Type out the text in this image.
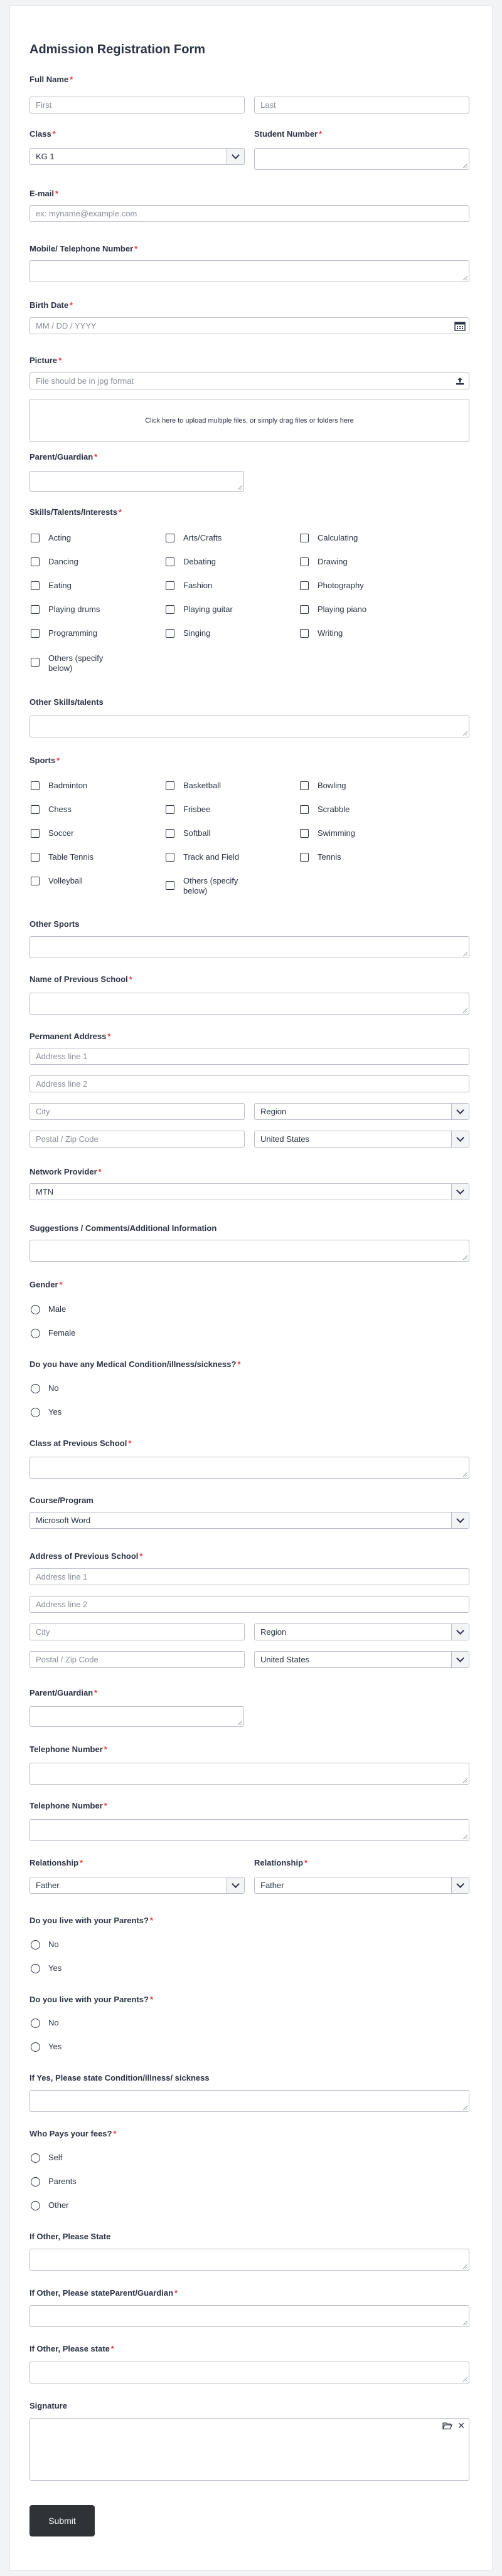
Admission Registration Form
Full Name *
First	Last
Class *	Student Number *
KG 1
E-mail *
ex: myname@example.com
Mobile/ Telephone Number *
Birth Date *
MM / DD / YYYY
Picture *
File should be in jpg format
Click here to upload multiple files, or simply drag files or folders here
Parent/Guardian *
Skills/Talents/Interests *
Acting	Arts/Crafts	Calculating
Dancing	Debating	Drawing
Eating	Fashion	Photography
Playing drums	Playing guitar	Playing piano
Programming	Singing	Writing
Others (specify below)
Other Skills/talents
Sports *
Badminton	Basketball	Bowling
Chess	Frisbee	Scrabble
Soccer	Softball	Swimming
Table Tennis	Track and Field	Tennis
Volleyball	Others (specify below)
Other Sports
Name of Previous School *
Permanent Address *
Address line 1
Address line 2
City	Region
Postal / Zip Code	United States
Network Provider *
MTN
Suggestions / Comments/Additional Information
Gender *
Male
Female
Do you have any Medical Condition/illness/sickness? *
No
Yes
Class at Previous School *
Course/Program
Microsoft Word
Address of Previous School *
Address line 1
Address line 2
City	Region
Postal / Zip Code	United States
Parent/Guardian *
Telephone Number *
Telephone Number *
Relationship *	Relationship *
Father	Father
Do you live with your Parents? *
No
Yes
Do you live with your Parents? *
No
Yes
If Yes, Please state Condition/illness/ sickness
Who Pays your fees? *
Self
Parents
Other
If Other, Please State
If Other, Please stateParent/Guardian *
If Other, Please state *
Signature
✕
Submit
